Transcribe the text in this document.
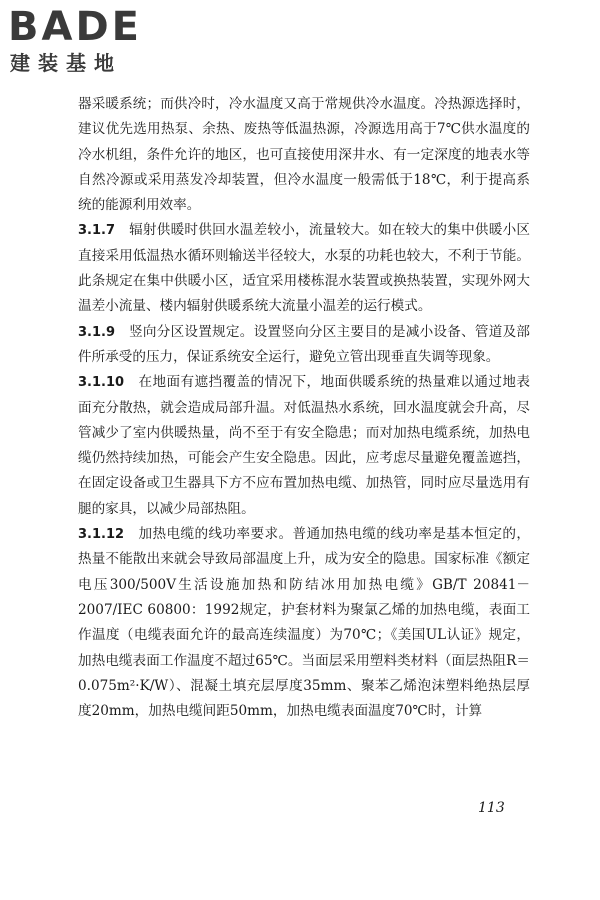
BADE
建装基地

器采暖系统；而供冷时，冷水温度又高于常规供冷水温度。冷热源选择时，建议优先选用热泵、余热、废热等低温热源，冷源选用高于7℃供水温度的冷水机组，条件允许的地区，也可直接使用深井水、有一定深度的地表水等自然冷源或采用蒸发冷却装置，但冷水温度一般需低于18℃，利于提高系统的能源利用效率。

3.1.7　 辐射供暖时供回水温差较小，流量较大。如在较大的集中供暖小区直接采用低温热水循环则输送半径较大，水泵的功耗也较大，不利于节能。此条规定在集中供暖小区，适宜采用楼栋混水装置或换热装置，实现外网大温差小流量、楼内辐射供暖系统大流量小温差的运行模式。

3.1.9　 竖向分区设置规定。设置竖向分区主要目的是减小设备、管道及部件所承受的压力，保证系统安全运行，避免立管出现垂直失调等现象。

3.1.10　 在地面有遮挡覆盖的情况下，地面供暖系统的热量难以通过地表面充分散热，就会造成局部升温。对低温热水系统，回水温度就会升高，尽管减少了室内供暖热量，尚不至于有安全隐患；而对加热电缆系统，加热电缆仍然持续加热，可能会产生安全隐患。因此，应考虑尽量避免覆盖遮挡，在固定设备或卫生器具下方不应布置加热电缆、加热管，同时应尽量选用有腿的家具，以减少局部热阻。

3.1.12　 加热电缆的线功率要求。普通加热电缆的线功率是基本恒定的，热量不能散出来就会导致局部温度上升，成为安全的隐患。国家标准《额定电压300/500V生活设施加热和防结冰用加热电缆》GB/T 20841－2007/IEC 60800：1992规定，护套材料为聚氯乙烯的加热电缆，表面工作温度（电缆表面允许的最高连续温度）为70℃；《美国UL认证》规定，加热电缆表面工作温度不超过65℃。当面层采用塑料类材料（面层热阻R＝0.075m²·K/W）、混凝土填充层厚度35mm、聚苯乙烯泡沫塑料绝热层厚度20mm，加热电缆间距50mm，加热电缆表面温度70℃时，计算

113
